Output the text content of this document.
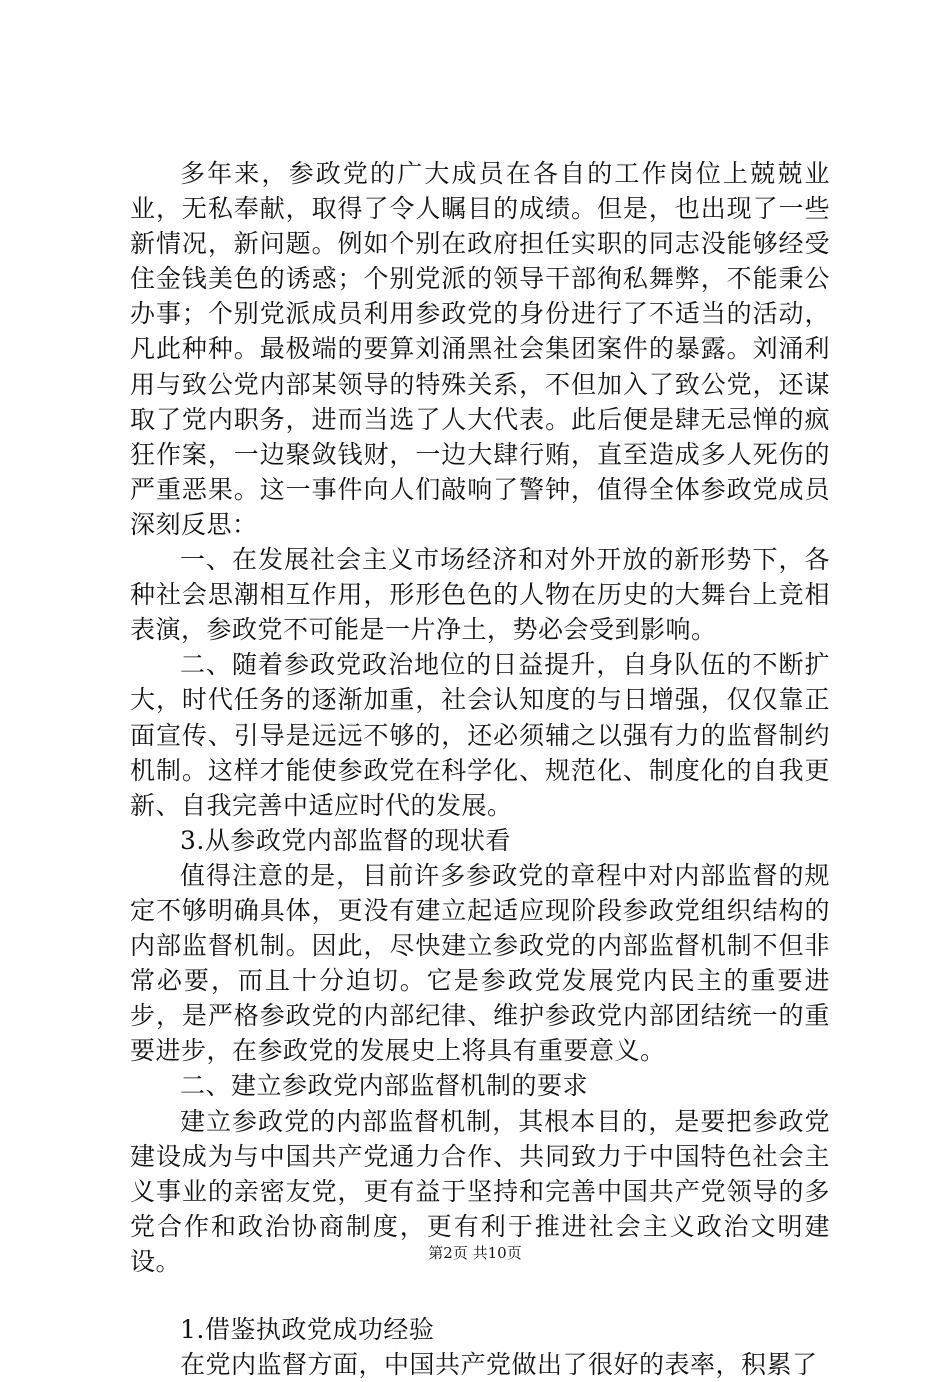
多年来，参政党的广大成员在各自的工作岗位上兢兢业业，无私奉献，取得了令人瞩目的成绩。但是，也出现了一些新情况，新问题。例如个别在政府担任实职的同志没能够经受住金钱美色的诱惑；个别党派的领导干部徇私舞弊，不能秉公办事；个别党派成员利用参政党的身份进行了不适当的活动，凡此种种。最极端的要算刘涌黑社会集团案件的暴露。刘涌利用与致公党内部某领导的特殊关系，不但加入了致公党，还谋取了党内职务，进而当选了人大代表。此后便是肆无忌惮的疯狂作案，一边聚敛钱财，一边大肆行贿，直至造成多人死伤的严重恶果。这一事件向人们敲响了警钟，值得全体参政党成员深刻反思：

一、在发展社会主义市场经济和对外开放的新形势下，各种社会思潮相互作用，形形色色的人物在历史的大舞台上竞相表演，参政党不可能是一片净土，势必会受到影响。

二、随着参政党政治地位的日益提升，自身队伍的不断扩大，时代任务的逐渐加重，社会认知度的与日增强，仅仅靠正面宣传、引导是远远不够的，还必须辅之以强有力的监督制约机制。这样才能使参政党在科学化、规范化、制度化的自我更新、自我完善中适应时代的发展。

3.从参政党内部监督的现状看

值得注意的是，目前许多参政党的章程中对内部监督的规定不够明确具体，更没有建立起适应现阶段参政党组织结构的内部监督机制。因此，尽快建立参政党的内部监督机制不但非常必要，而且十分迫切。它是参政党发展党内民主的重要进步，是严格参政党的内部纪律、维护参政党内部团结统一的重要进步，在参政党的发展史上将具有重要意义。

二、建立参政党内部监督机制的要求

建立参政党的内部监督机制，其根本目的，是要把参政党建设成为与中国共产党通力合作、共同致力于中国特色社会主义事业的亲密友党，更有益于坚持和完善中国共产党领导的多党合作和政治协商制度，更有利于推进社会主义政治文明建设。

1.借鉴执政党成功经验

在党内监督方面，中国共产党做出了很好的表率，积累了

第2页 共10页
